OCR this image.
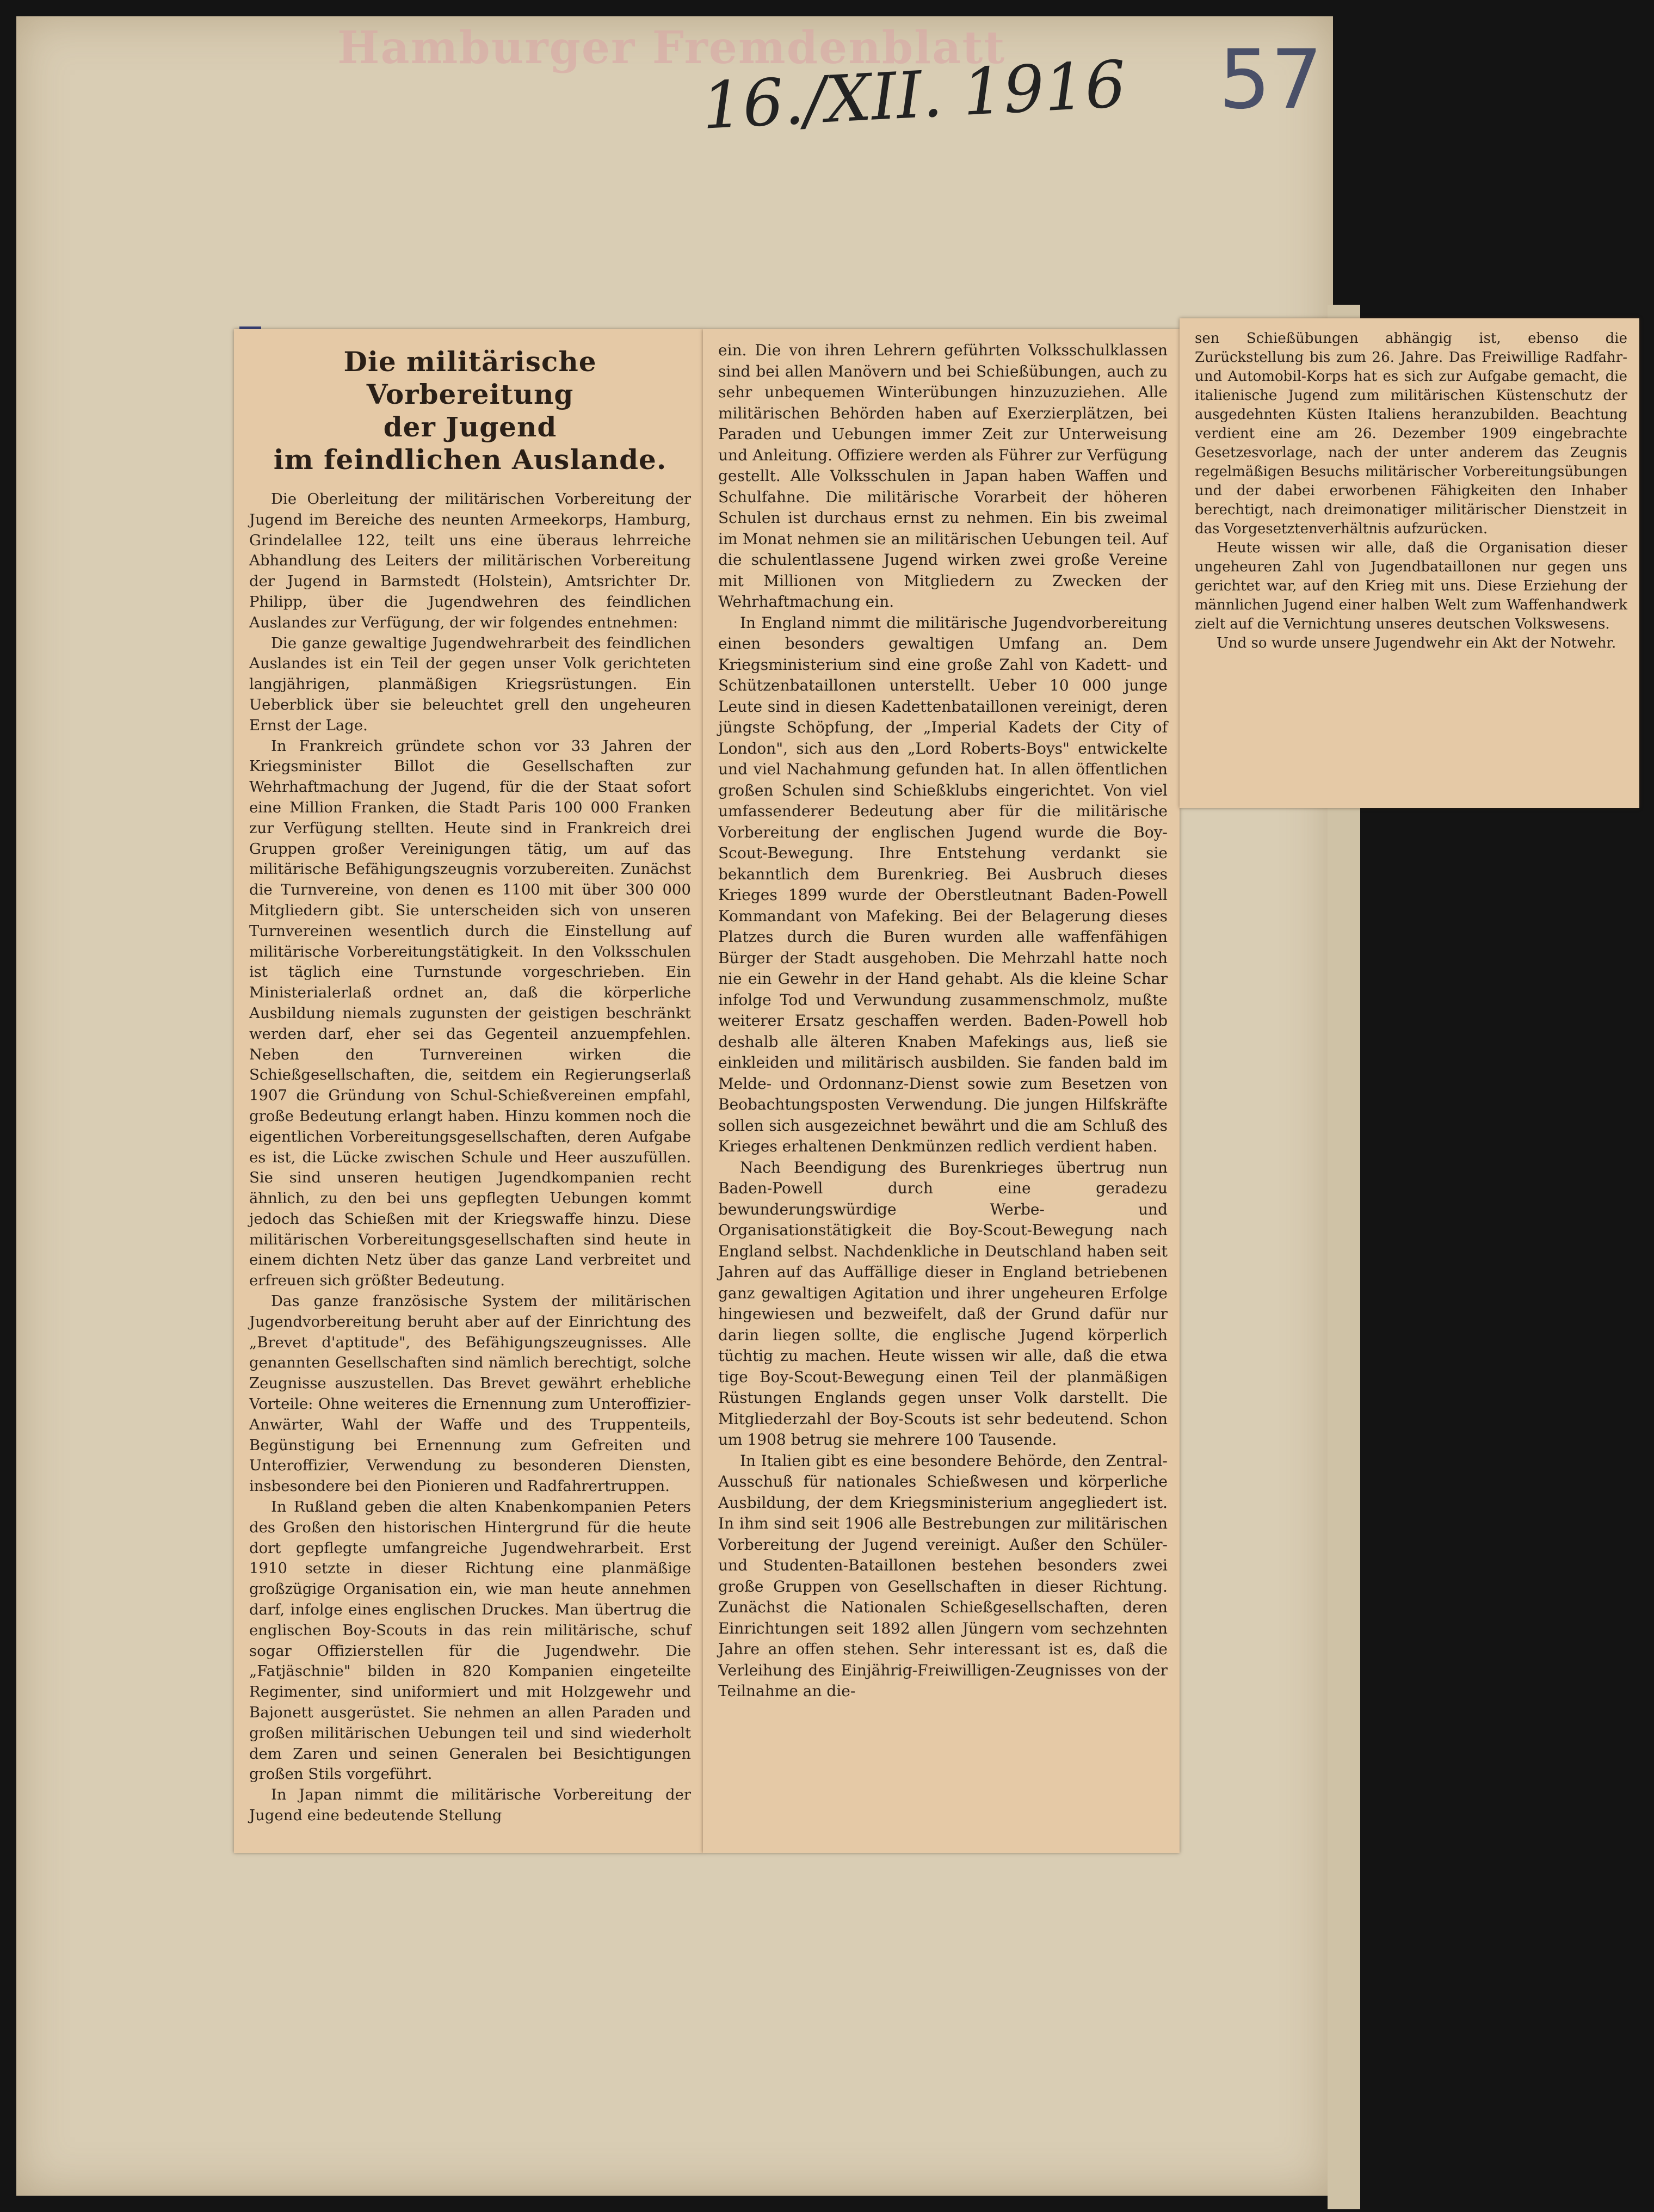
Hamburger Fremdenblatt
16./XII. 1916 57
Die militärische Vorbereitung
der Jugend
im feindlichen Auslande.

Die Oberleitung der militärischen Vorbereitung der Jugend im Bereiche des neunten Armeekorps, Hamburg, Grindelallee 122, teilt uns eine überaus lehrreiche Abhandlung des Leiters der militärischen Vorbereitung der Jugend in Barmstedt (Holstein), Amtsrichter Dr. Philipp, über die Jugendwehren des feindlichen Auslandes zur Verfügung, der wir folgendes entnehmen:

Die ganze gewaltige Jugendwehrarbeit des feindlichen Auslandes ist ein Teil der gegen unser Volk gerichteten langjährigen, planmäßigen Kriegsrüstungen. Ein Ueberblick über sie beleuchtet grell den ungeheuren Ernst der Lage.

In Frankreich gründete schon vor 33 Jahren der Kriegsminister Billot die Gesellschaften zur Wehrhaftmachung der Jugend, für die der Staat sofort eine Million Franken, die Stadt Paris 100 000 Franken zur Verfügung stellten. Heute sind in Frankreich drei Gruppen großer Vereinigungen tätig, um auf das militärische Befähigungszeugnis vorzubereiten. Zunächst die Turnvereine, von denen es 1100 mit über 300 000 Mitgliedern gibt. Sie unterscheiden sich von unseren Turnvereinen wesentlich durch die Einstellung auf militärische Vorbereitungstätigkeit. In den Volksschulen ist täglich eine Turnstunde vorgeschrieben. Ein Ministerialerlaß ordnet an, daß die körperliche Ausbildung niemals zugunsten der geistigen beschränkt werden darf, eher sei das Gegenteil anzuempfehlen. Neben den Turnvereinen wirken die Schießgesellschaften, die, seitdem ein Regierungserlaß 1907 die Gründung von Schul-Schießvereinen empfahl, große Bedeutung erlangt haben. Hinzu kommen noch die eigentlichen Vorbereitungsgesellschaften, deren Aufgabe es ist, die Lücke zwischen Schule und Heer auszufüllen. Sie sind unseren heutigen Jugendkompanien recht ähnlich, zu den bei uns gepflegten Uebungen kommt jedoch das Schießen mit der Kriegswaffe hinzu. Diese militärischen Vorbereitungsgesellschaften sind heute in einem dichten Netz über das ganze Land verbreitet und erfreuen sich größter Bedeutung.

Das ganze französische System der militärischen Jugendvorbereitung beruht aber auf der Einrichtung des „Brevet d'aptitude", des Befähigungszeugnisses. Alle genannten Gesellschaften sind nämlich berechtigt, solche Zeugnisse auszustellen. Das Brevet gewährt erhebliche Vorteile: Ohne weiteres die Ernennung zum Unteroffizier-Anwärter, Wahl der Waffe und des Truppenteils, Begünstigung bei Ernennung zum Gefreiten und Unteroffizier, Verwendung zu besonderen Diensten, insbesondere bei den Pionieren und Radfahrertruppen.

In Rußland geben die alten Knabenkompanien Peters des Großen den historischen Hintergrund für die heute dort gepflegte umfangreiche Jugendwehrarbeit. Erst 1910 setzte in dieser Richtung eine planmäßige großzügige Organisation ein, wie man heute annehmen darf, infolge eines englischen Druckes. Man übertrug die englischen Boy-Scouts in das rein militärische, schuf sogar Offizierstellen für die Jugendwehr. Die „Fatjäschnie" bilden in 820 Kompanien eingeteilte Regimenter, sind uniformiert und mit Holzgewehr und Bajonett ausgerüstet. Sie nehmen an allen Paraden und großen militärischen Uebungen teil und sind wiederholt dem Zaren und seinen Generalen bei Besichtigungen großen Stils vorgeführt.

In Japan nimmt die militärische Vorbereitung der Jugend eine bedeutende Stellung

ein. Die von ihren Lehrern geführten Volksschulklassen sind bei allen Manövern und bei Schießübungen, auch zu sehr unbequemen Winterübungen hinzuzuziehen. Alle militärischen Behörden haben auf Exerzierplätzen, bei Paraden und Uebungen immer Zeit zur Unterweisung und Anleitung. Offiziere werden als Führer zur Verfügung gestellt. Alle Volksschulen in Japan haben Waffen und Schulfahne. Die militärische Vorarbeit der höheren Schulen ist durchaus ernst zu nehmen. Ein bis zweimal im Monat nehmen sie an militärischen Uebungen teil. Auf die schulentlassene Jugend wirken zwei große Vereine mit Millionen von Mitgliedern zu Zwecken der Wehrhaftmachung ein.

In England nimmt die militärische Jugendvorbereitung einen besonders gewaltigen Umfang an. Dem Kriegsministerium sind eine große Zahl von Kadett- und Schützenbataillonen unterstellt. Ueber 10 000 junge Leute sind in diesen Kadettenbataillonen vereinigt, deren jüngste Schöpfung, der „Imperial Kadets der City of London", sich aus den „Lord Roberts-Boys" entwickelte und viel Nachahmung gefunden hat. In allen öffentlichen großen Schulen sind Schießklubs eingerichtet. Von viel umfassenderer Bedeutung aber für die militärische Vorbereitung der englischen Jugend wurde die Boy-Scout-Bewegung. Ihre Entstehung verdankt sie bekanntlich dem Burenkrieg. Bei Ausbruch dieses Krieges 1899 wurde der Oberstleutnant Baden-Powell Kommandant von Mafeking. Bei der Belagerung dieses Platzes durch die Buren wurden alle waffenfähigen Bürger der Stadt ausgehoben. Die Mehrzahl hatte noch nie ein Gewehr in der Hand gehabt. Als die kleine Schar infolge Tod und Verwundung zusammenschmolz, mußte weiterer Ersatz geschaffen werden. Baden-Powell hob deshalb alle älteren Knaben Mafekings aus, ließ sie einkleiden und militärisch ausbilden. Sie fanden bald im Melde- und Ordonnanz-Dienst sowie zum Besetzen von Beobachtungsposten Verwendung. Die jungen Hilfskräfte sollen sich ausgezeichnet bewährt und die am Schluß des Krieges erhaltenen Denkmünzen redlich verdient haben.

Nach Beendigung des Burenkrieges übertrug nun Baden-Powell durch eine geradezu bewunderungswürdige Werbe- und Organisationstätigkeit die Boy-Scout-Bewegung nach England selbst. Nachdenkliche in Deutschland haben seit Jahren auf das Auffällige dieser in England betriebenen ganz gewaltigen Agitation und ihrer ungeheuren Erfolge hingewiesen und bezweifelt, daß der Grund dafür nur darin liegen sollte, die englische Jugend körperlich tüchtig zu machen. Heute wissen wir alle, daß die etwa tige Boy-Scout-Bewegung einen Teil der planmäßigen Rüstungen Englands gegen unser Volk darstellt. Die Mitgliederzahl der Boy-Scouts ist sehr bedeutend. Schon um 1908 betrug sie mehrere 100 Tausende.

In Italien gibt es eine besondere Behörde, den Zentral-Ausschuß für nationales Schießwesen und körperliche Ausbildung, der dem Kriegsministerium angegliedert ist. In ihm sind seit 1906 alle Bestrebungen zur militärischen Vorbereitung der Jugend vereinigt. Außer den Schüler- und Studenten-Bataillonen bestehen besonders zwei große Gruppen von Gesellschaften in dieser Richtung. Zunächst die Nationalen Schießgesellschaften, deren Einrichtungen seit 1892 allen Jüngern vom sechzehnten Jahre an offen stehen. Sehr interessant ist es, daß die Verleihung des Einjährig-Freiwilligen-Zeugnisses von der Teilnahme an die-

sen Schießübungen abhängig ist, ebenso die Zurückstellung bis zum 26. Jahre. Das Freiwillige Radfahr- und Automobil-Korps hat es sich zur Aufgabe gemacht, die italienische Jugend zum militärischen Küstenschutz der ausgedehnten Küsten Italiens heranzubilden. Beachtung verdient eine am 26. Dezember 1909 eingebrachte Gesetzesvorlage, nach der unter anderem das Zeugnis regelmäßigen Besuchs militärischer Vorbereitungsübungen und der dabei erworbenen Fähigkeiten den Inhaber berechtigt, nach dreimonatiger militärischer Dienstzeit in das Vorgesetztenverhältnis aufzurücken.

Heute wissen wir alle, daß die Organisation dieser ungeheuren Zahl von Jugendbataillonen nur gegen uns gerichtet war, auf den Krieg mit uns. Diese Erziehung der männlichen Jugend einer halben Welt zum Waffenhandwerk zielt auf die Vernichtung unseres deutschen Volkswesens.

Und so wurde unsere Jugendwehr ein Akt der Notwehr.
